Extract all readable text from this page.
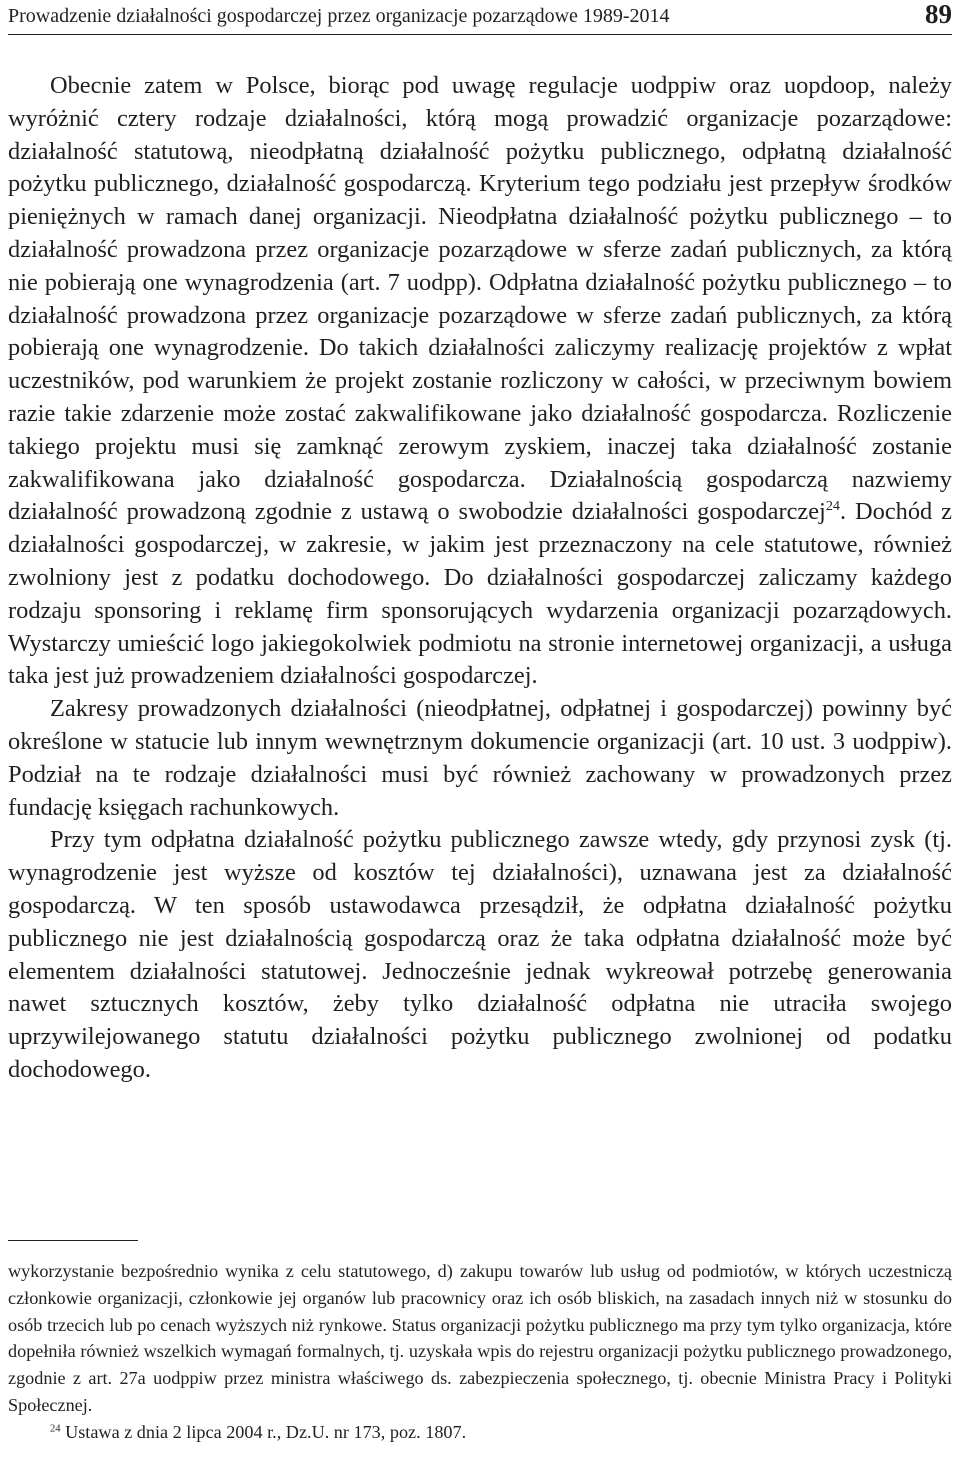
Prowadzenie działalności gospodarczej przez organizacje pozarządowe 1989-2014	89

Obecnie zatem w Polsce, biorąc pod uwagę regulacje uodppiw oraz uopdoop, należy wyróżnić cztery rodzaje działalności, którą mogą prowadzić organizacje pozarządowe: działalność statutową, nieodpłatną działalność pożytku publicznego, odpłatną działalność pożytku publicznego, działalność gospodarczą. Kryterium tego podziału jest przepływ środków pieniężnych w ramach danej organizacji. Nieodpłatna działalność pożytku publicznego – to działalność prowadzona przez organizacje pozarządowe w sferze zadań publicznych, za którą nie pobierają one wynagrodzenia (art. 7 uodpp). Odpłatna działalność pożytku publicznego – to działalność prowadzona przez organizacje pozarządowe w sferze zadań publicznych, za którą pobierają one wynagrodzenie. Do takich działalności zaliczymy realizację projektów z wpłat uczestników, pod warunkiem że projekt zostanie rozliczony w całości, w przeciwnym bowiem razie takie zdarzenie może zostać zakwalifikowane jako działalność gospodarcza. Rozliczenie takiego projektu musi się zamknąć zerowym zyskiem, inaczej taka działalność zostanie zakwalifikowana jako działalność gospodarcza. Działalnością gospodarczą nazwiemy działalność prowadzoną zgodnie z ustawą o swobodzie działalności gospodarczej$^{24}$. Dochód z działalności gospodarczej, w zakresie, w jakim jest przeznaczony na cele statutowe, również zwolniony jest z podatku dochodowego. Do działalności gospodarczej zaliczamy każdego rodzaju sponsoring i reklamę firm sponsorujących wydarzenia organizacji pozarządowych. Wystarczy umieścić logo jakiegokolwiek podmiotu na stronie internetowej organizacji, a usługa taka jest już prowadzeniem działalności gospodarczej.

Zakresy prowadzonych działalności (nieodpłatnej, odpłatnej i gospodarczej) powinny być określone w statucie lub innym wewnętrznym dokumencie organizacji (art. 10 ust. 3 uodppiw). Podział na te rodzaje działalności musi być również zachowany w prowadzonych przez fundację księgach rachunkowych.

Przy tym odpłatna działalność pożytku publicznego zawsze wtedy, gdy przynosi zysk (tj. wynagrodzenie jest wyższe od kosztów tej działalności), uznawana jest za działalność gospodarczą. W ten sposób ustawodawca przesądził, że odpłatna działalność pożytku publicznego nie jest działalnością gospodarczą oraz że taka odpłatna działalność może być elementem działalności statutowej. Jednocześnie jednak wykreował potrzebę generowania nawet sztucznych kosztów, żeby tylko działalność odpłatna nie utraciła swojego uprzywilejowanego statutu działalności pożytku publicznego zwolnionej od podatku dochodowego.

wykorzystanie bezpośrednio wynika z celu statutowego, d) zakupu towarów lub usług od podmiotów, w których uczestniczą członkowie organizacji, członkowie jej organów lub pracownicy oraz ich osób bliskich, na zasadach innych niż w stosunku do osób trzecich lub po cenach wyższych niż rynkowe. Status organizacji pożytku publicznego ma przy tym tylko organizacja, które dopełniła również wszelkich wymagań formalnych, tj. uzyskała wpis do rejestru organizacji pożytku publicznego prowadzonego, zgodnie z art. 27a uodppiw przez ministra właściwego ds. zabezpieczenia społecznego, tj. obecnie Ministra Pracy i Polityki Społecznej.

$^{24}$ Ustawa z dnia 2 lipca 2004 r., Dz.U. nr 173, poz. 1807.
